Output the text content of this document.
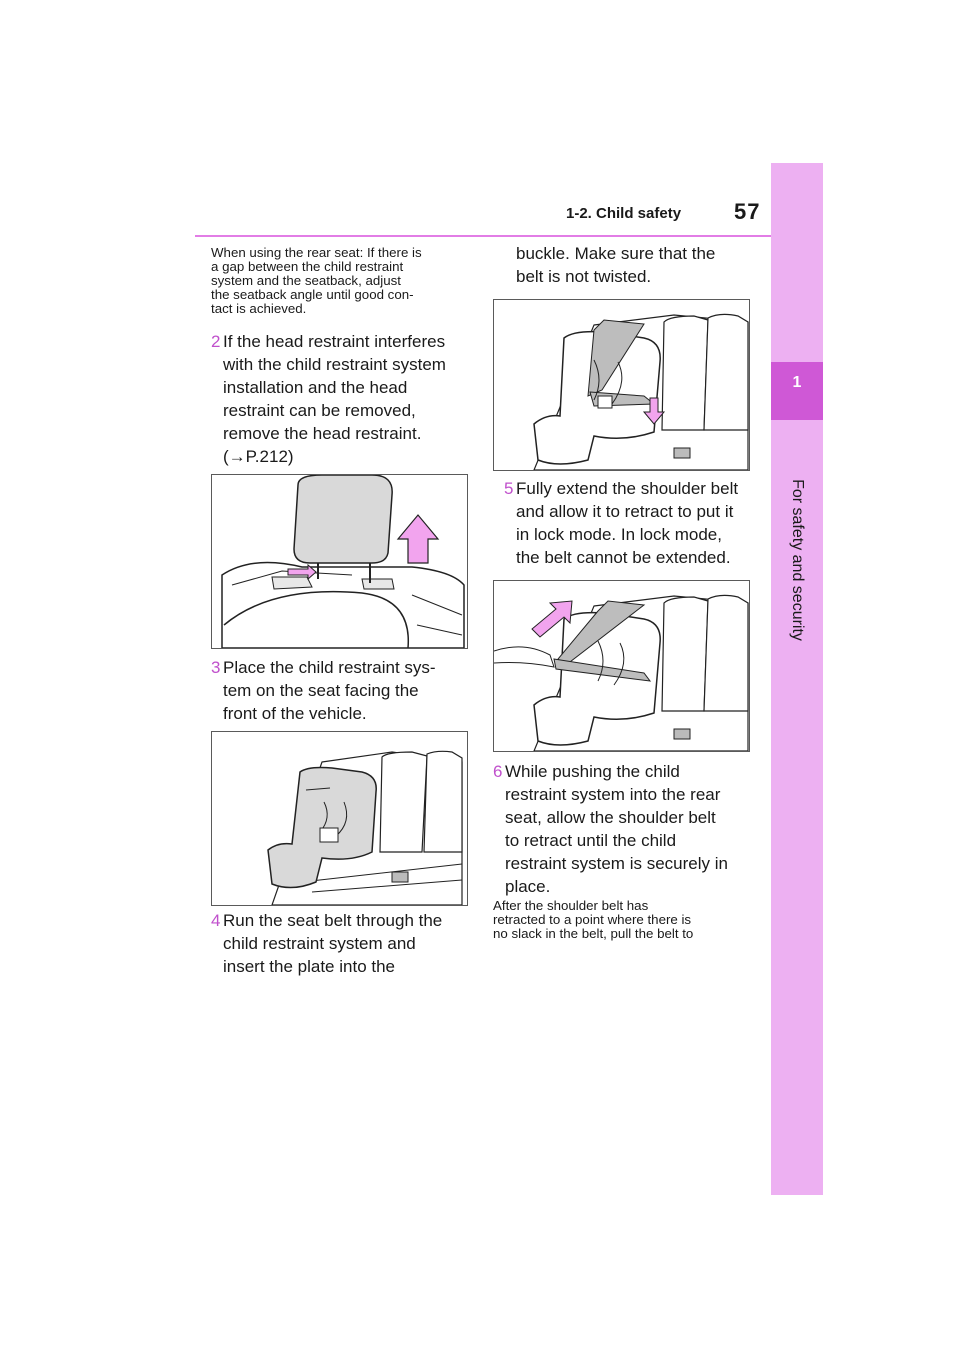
1-2. Child safety 57
1
For safety and security
When using the rear seat: If there is
a gap between the child restraint
system and the seatback, adjust
the seatback angle until good con-
tact is achieved.
2 If the head restraint interferes
with the child restraint system
installation and the head
restraint can be removed,
remove the head restraint.
(→P.212)
3 Place the child restraint sys-
tem on the seat facing the
front of the vehicle.
4 Run the seat belt through the
child restraint system and
insert the plate into the
buckle. Make sure that the
belt is not twisted.
5 Fully extend the shoulder belt
and allow it to retract to put it
in lock mode. In lock mode,
the belt cannot be extended.
6 While pushing the child
restraint system into the rear
seat, allow the shoulder belt
to retract until the child
restraint system is securely in
place.
After the shoulder belt has
retracted to a point where there is
no slack in the belt, pull the belt to
